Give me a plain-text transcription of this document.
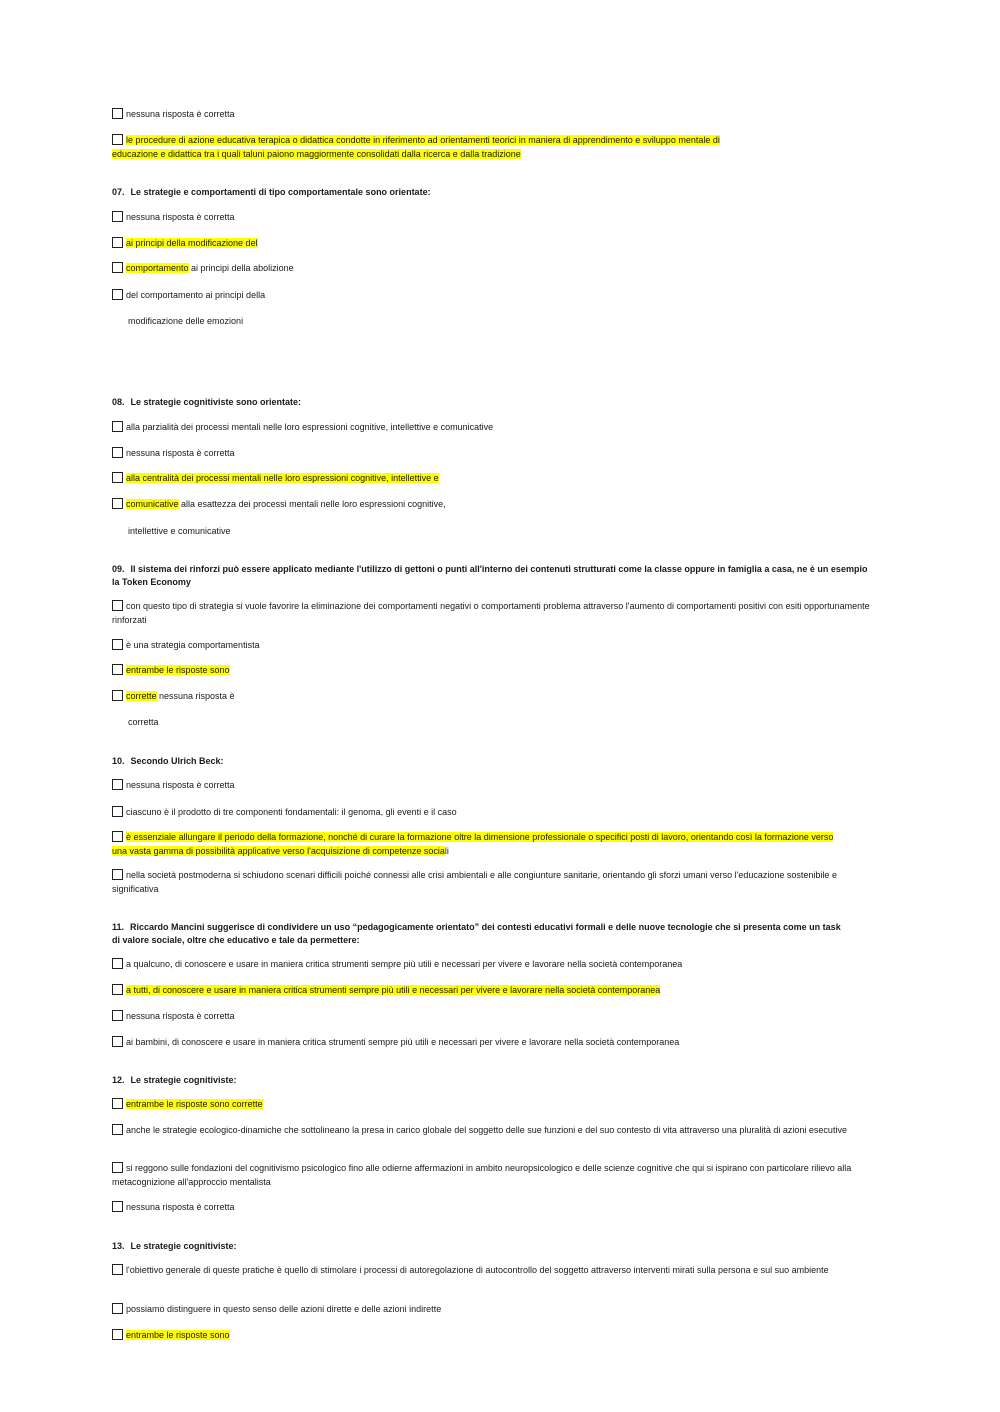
nessuna risposta è corretta
le procedure di azione educativa terapica o didattica condotte in riferimento ad orientamenti teorici in maniera di apprendimento e sviluppo mentale di
educazione e didattica tra i quali taluni paiono maggiormente consolidati dalla ricerca e dalla tradizione
07. Le strategie e comportamenti di tipo comportamentale sono orientate:
nessuna risposta è corretta
ai principi della modificazione del
comportamento ai principi della abolizione
del comportamento ai principi della
modificazione delle emozioni
08. Le strategie cognitiviste sono orientate:
alla parzialità dei processi mentali nelle loro espressioni cognitive, intellettive e comunicative
nessuna risposta è corretta
alla centralità dei processi mentali nelle loro espressioni cognitive, intellettive e
comunicative alla esattezza dei processi mentali nelle loro espressioni cognitive,
intellettive e comunicative
09. Il sistema dei rinforzi può essere applicato mediante l'utilizzo di gettoni o punti all'interno dei contenuti strutturati come la classe oppure in famiglia a casa, ne è un esempio la Token Economy
con questo tipo di strategia si vuole favorire la eliminazione dei comportamenti negativi o comportamenti problema attraverso l'aumento di comportamenti positivi con esiti opportunamente rinforzati
è una strategia comportamentista
entrambe le risposte sono
corrette nessuna risposta è
corretta
10. Secondo Ulrich Beck:
nessuna risposta è corretta
ciascuno è il prodotto di tre componenti fondamentali: il genoma, gli eventi e il caso
è essenziale allungare il periodo della formazione, nonché di curare la formazione oltre la dimensione professionale o specifici posti di lavoro, orientando così la formazione verso una vasta gamma di possibilità applicative verso l'acquisizione di competenze sociali
nella società postmoderna si schiudono scenari difficili poiché connessi alle crisi ambientali e alle congiunture sanitarie, orientando gli sforzi umani verso l'educazione sostenibile e significativa
11. Riccardo Mancini suggerisce di condividere un uso “pedagogicamente orientato” dei contesti educativi formali e delle nuove tecnologie che si presenta come un task di valore sociale, oltre che educativo e tale da permettere:
a qualcuno, di conoscere e usare in maniera critica strumenti sempre più utili e necessari per vivere e lavorare nella società contemporanea
a tutti, di conoscere e usare in maniera critica strumenti sempre più utili e necessari per vivere e lavorare nella società contemporanea
nessuna risposta è corretta
ai bambini, di conoscere e usare in maniera critica strumenti sempre più utili e necessari per vivere e lavorare nella società contemporanea
12. Le strategie cognitiviste:
entrambe le risposte sono corrette
anche le strategie ecologico-dinamiche che sottolineano la presa in carico globale del soggetto delle sue funzioni e del suo contesto di vita attraverso una pluralità di azioni esecutive
si reggono sulle fondazioni del cognitivismo psicologico fino alle odierne affermazioni in ambito neuropsicologico e delle scienze cognitive che qui si ispirano con particolare rilievo alla metacognizione all'approccio mentalista
nessuna risposta è corretta
13. Le strategie cognitiviste:
l'obiettivo generale di queste pratiche è quello di stimolare i processi di autoregolazione di autocontrollo del soggetto attraverso interventi mirati sulla persona e sul suo ambiente
possiamo distinguere in questo senso delle azioni dirette e delle azioni indirette
entrambe le risposte sono
